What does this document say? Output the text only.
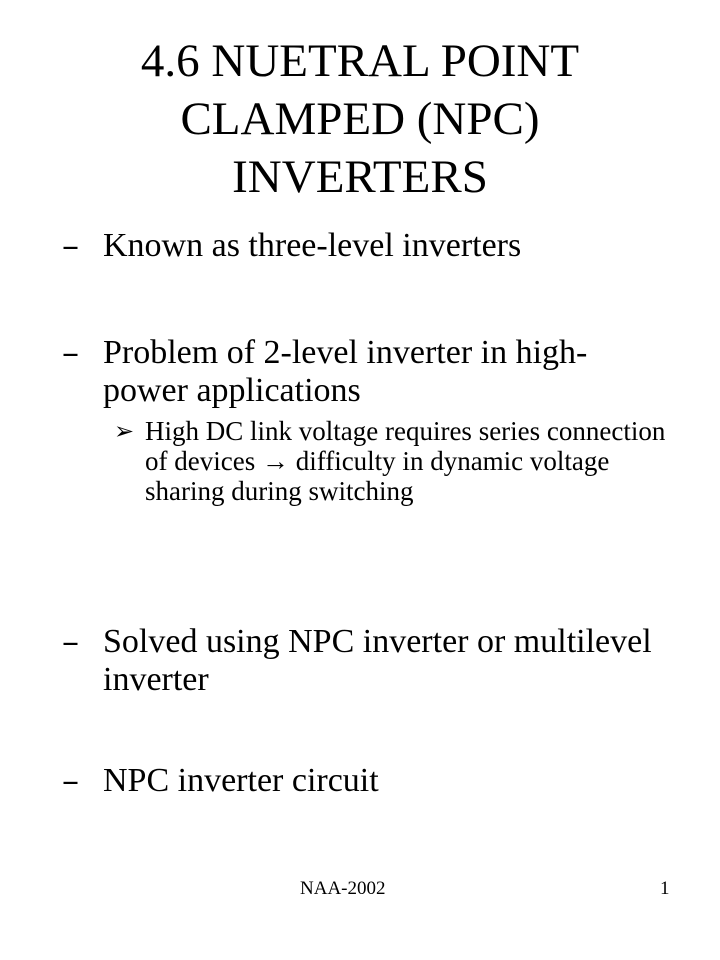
4.6 NUETRAL POINT
CLAMPED (NPC)
INVERTERS
– Known as three-level inverters
– Problem of 2-level inverter in high-power applications
➢ High DC link voltage requires series connection of devices → difficulty in dynamic voltage sharing during switching
– Solved using NPC inverter or multilevel inverter
– NPC inverter circuit
NAA-2002	1
